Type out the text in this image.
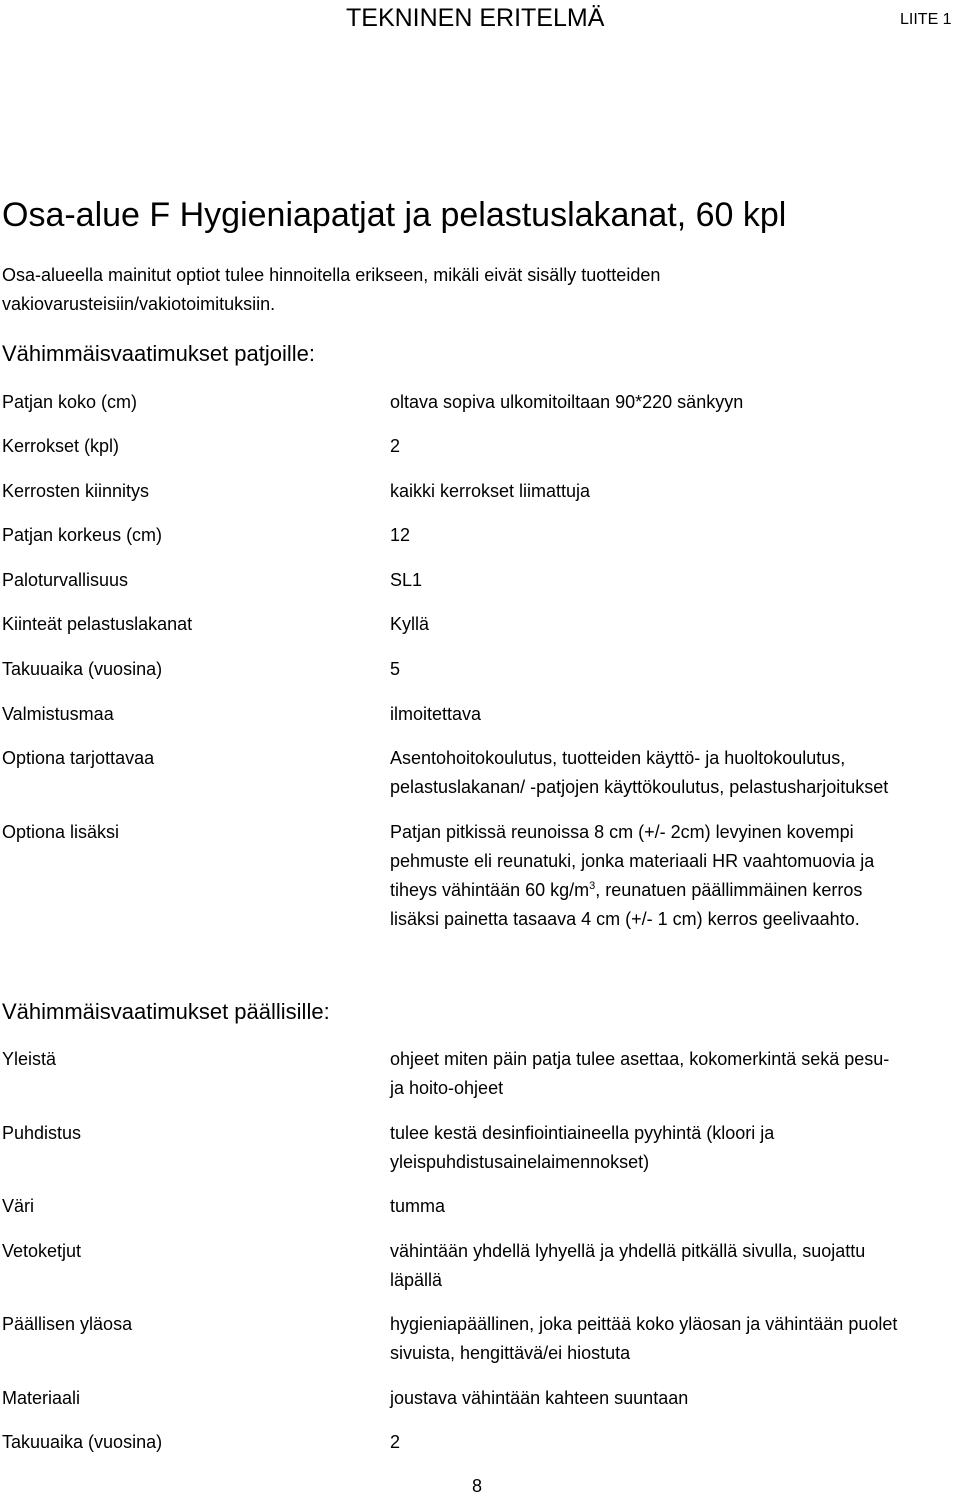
TEKNINEN ERITELMÄ	LIITE 1
Osa-alue F Hygieniapatjat ja pelastuslakanat, 60 kpl
Osa-alueella mainitut optiot tulee hinnoitella erikseen, mikäli eivät sisälly tuotteiden
vakiovarusteisiin/vakiotoimituksiin.
Vähimmäisvaatimukset patjoille:
Patjan koko (cm)	oltava sopiva ulkomitoiltaan 90*220 sänkyyn
Kerrokset (kpl)	2
Kerrosten kiinnitys	kaikki kerrokset liimattuja
Patjan korkeus (cm)	12
Paloturvallisuus	SL1
Kiinteät pelastuslakanat	Kyllä
Takuuaika (vuosina)	5
Valmistusmaa	ilmoitettava
Optiona tarjottavaa	Asentohoitokoulutus, tuotteiden käyttö- ja huoltokoulutus,
pelastuslakanan/ -patjojen käyttökoulutus, pelastusharjoitukset
Optiona lisäksi	Patjan pitkissä reunoissa 8 cm (+/- 2cm) levyinen kovempi
pehmuste eli reunatuki, jonka materiaali HR vaahtomuovia ja
tiheys vähintään 60 $kg/m^3$, reunatuen päällimmäinen kerros
lisäksi painetta tasaava 4 cm (+/- 1 cm) kerros geelivaahto.
Vähimmäisvaatimukset päällisille:
Yleistä	ohjeet miten päin patja tulee asettaa, kokomerkintä sekä pesu-
ja hoito-ohjeet
Puhdistus	tulee kestä desinfiointiaineella pyyhintä (kloori ja
yleispuhdistusainelaimennokset)
Väri	tumma
Vetoketjut	vähintään yhdellä lyhyellä ja yhdellä pitkällä sivulla, suojattu
läpällä
Päällisen yläosa	hygieniapäällinen, joka peittää koko yläosan ja vähintään puolet
sivuista, hengittävä/ei hiostuta
Materiaali	joustava vähintään kahteen suuntaan
Takuuaika (vuosina)	2
8
